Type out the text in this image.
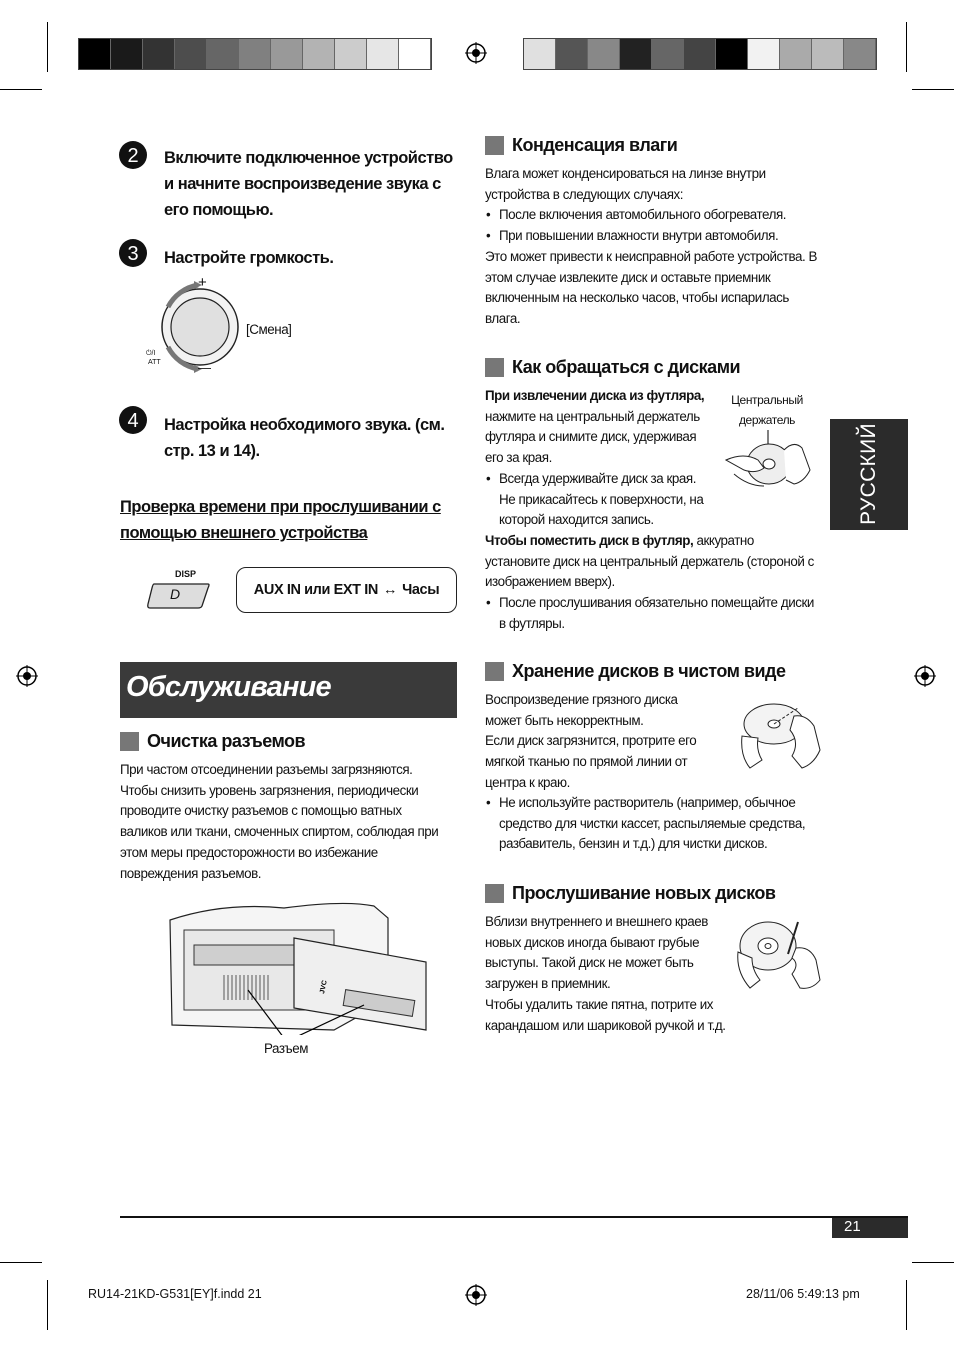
2 Включите подключенное устройство и начните воспроизведение звука с его помощью.
3 Настройте громкость.
+
—
⏻/I
ATT
[Смена]
4 Настройка необходимого звука. (см. стр. 13 и 14).
Проверка времени при прослушивании с помощью внешнего устройства
DISP
D	AUX IN или EXT IN ↔ Часы
Обслуживание
Очистка разъемов
При частом отсоединении разъемы загрязняются. Чтобы снизить уровень загрязнения, периодически проводите очистку разъемов с помощью ватных валиков или ткани, смоченных спиртом, соблюдая при этом меры предосторожности во избежание повреждения разъемов.
JVC
Разъем
Конденсация влаги
Влага может конденсироваться на линзе внутри устройства в следующих случаях:
• После включения автомобильного обогревателя.
• При повышении влажности внутри автомобиля.
Это может привести к неисправной работе устройства. В этом случае извлеките диск и оставьте приемник включенным на несколько часов, чтобы испарилась влага.
Как обращаться с дисками
При извлечении диска из футляра, нажмите на центральный держатель футляра и снимите диск, удерживая его за края.
• Всегда удерживайте диск за края. Не прикасайтесь к поверхности, на которой находится запись.
Чтобы поместить диск в футляр, аккуратно установите диск на центральный держатель (стороной с изображением вверх).
• После прослушивания обязательно помещайте диски в футляры.
Центральный
держатель
РУССКИЙ
Хранение дисков в чистом виде
Воспроизведение грязного диска может быть некорректным.
Если диск загрязнится, протрите его мягкой тканью по прямой линии от центра к краю.
• Не используйте растворитель (например, обычное средство для чистки кассет, распыляемые средства, разбавитель, бензин и т.д.) для чистки дисков.
Прослушивание новых дисков
Вблизи внутреннего и внешнего краев новых дисков иногда бывают грубые выступы. Такой диск не может быть загружен в приемник.
Чтобы удалить такие пятна, потрите их карандашом или шариковой ручкой и т.д.
21
RU14-21KD-G531[EY]f.indd 21	28/11/06 5:49:13 pm
